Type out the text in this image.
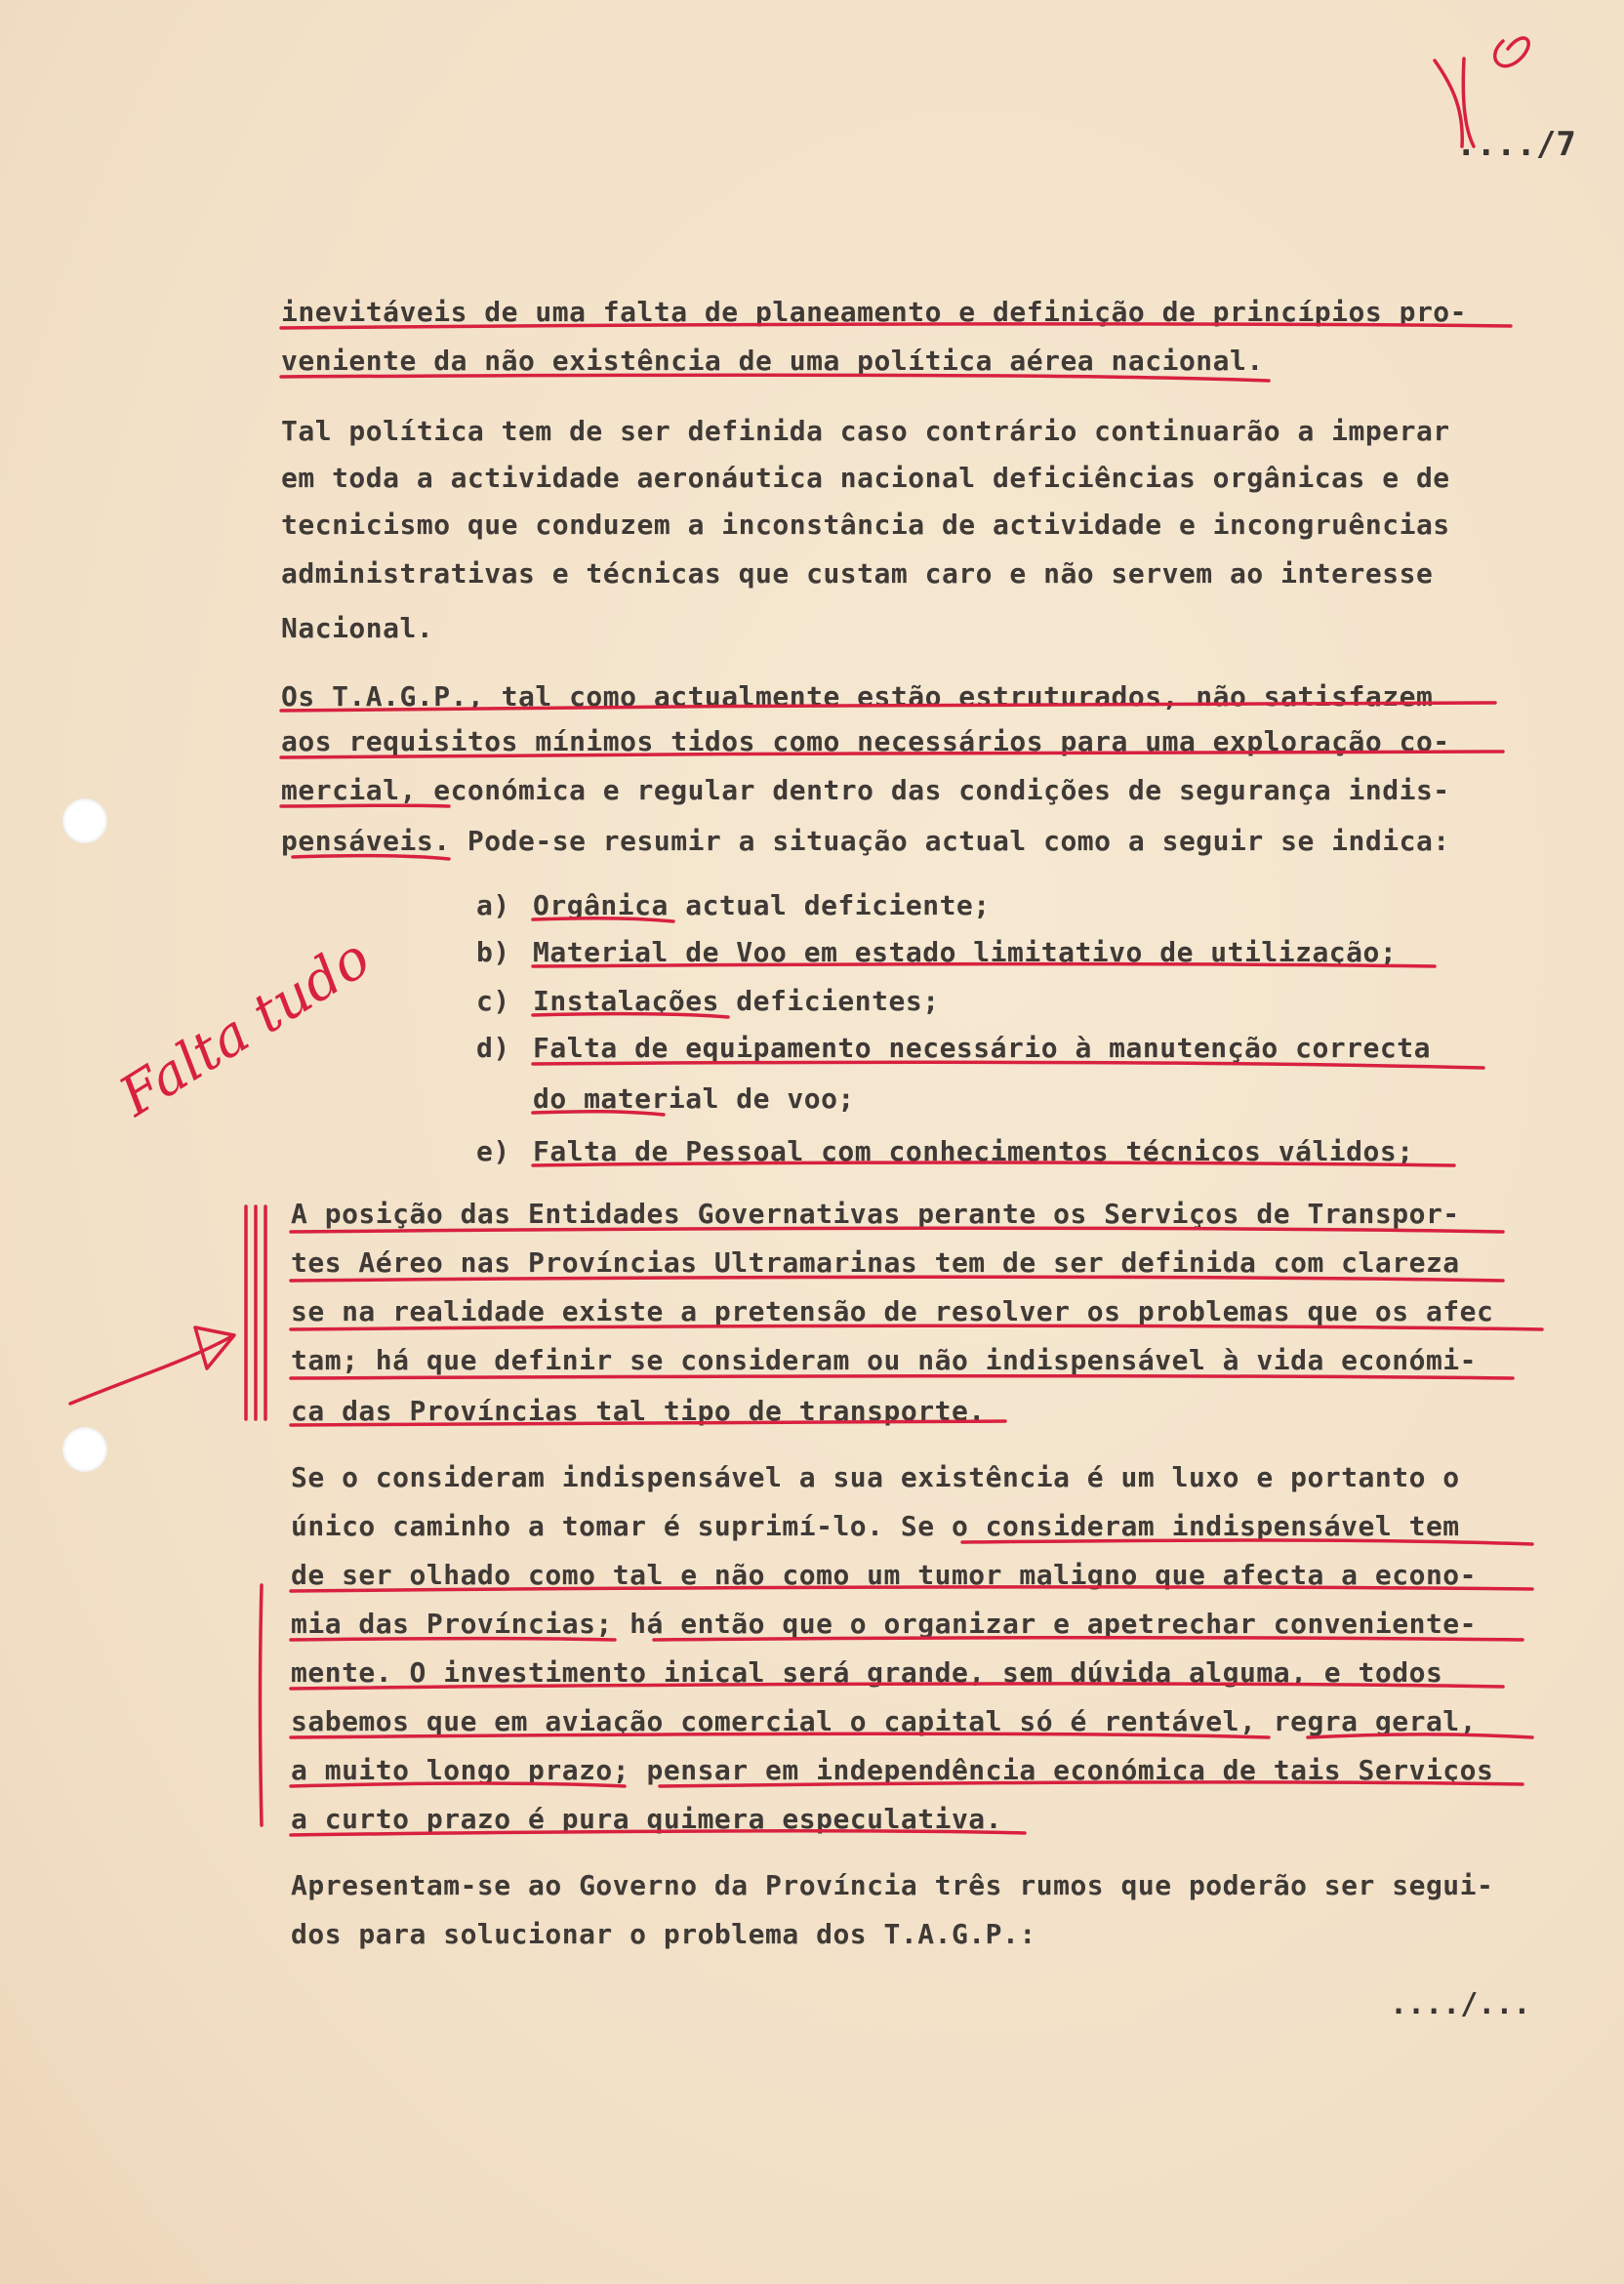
..../7
inevitáveis de uma falta de planeamento e definição de princípios pro-
veniente da não existência de uma política aérea nacional.
Tal política tem de ser definida caso contrário continuarão a imperar
em toda a actividade aeronáutica nacional deficiências orgânicas e de
tecnicismo que conduzem a inconstância de actividade e incongruências
administrativas e técnicas que custam caro e não servem ao interesse
Nacional.
Os T.A.G.P., tal como actualmente estão estruturados, não satisfazem
aos requisitos mínimos tidos como necessários para uma exploração co-
mercial, económica e regular dentro das condições de segurança indis-
pensáveis. Pode-se resumir a situação actual como a seguir se indica:
a) Orgânica actual deficiente;
b) Material de Voo em estado limitativo de utilização;
c) Instalações deficientes;
d) Falta de equipamento necessário à manutenção correcta
do material de voo;
e) Falta de Pessoal com conhecimentos técnicos válidos;
A posição das Entidades Governativas perante os Serviços de Transpor-
tes Aéreo nas Províncias Ultramarinas tem de ser definida com clareza
se na realidade existe a pretensão de resolver os problemas que os afec
tam; há que definir se consideram ou não indispensável à vida económi-
ca das Províncias tal tipo de transporte.
Se o consideram indispensável a sua existência é um luxo e portanto o
único caminho a tomar é suprimí-lo. Se o consideram indispensável tem
de ser olhado como tal e não como um tumor maligno que afecta a econo-
mia das Províncias; há então que o organizar e apetrechar conveniente-
mente. O investimento inical será grande, sem dúvida alguma, e todos
sabemos que em aviação comercial o capital só é rentável, regra geral,
a muito longo prazo; pensar em independência económica de tais Serviços
a curto prazo é pura quimera especulativa.
Apresentam-se ao Governo da Província três rumos que poderão ser segui-
dos para solucionar o problema dos T.A.G.P.:
..../...
Falta tudo
